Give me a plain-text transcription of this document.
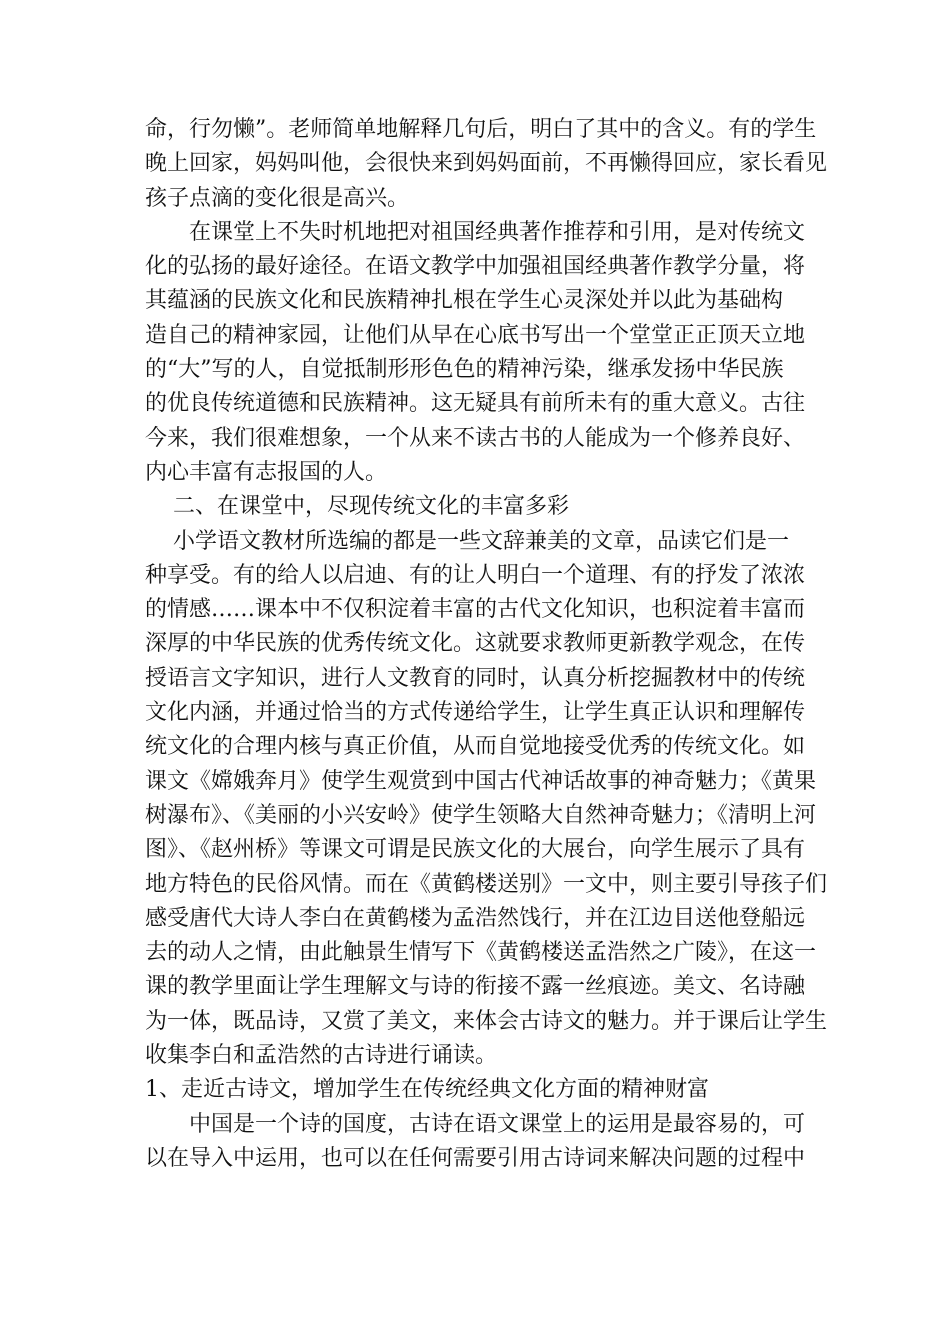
命，行勿懒”。老师简单地解释几句后，明白了其中的含义。有的学生
晚上回家，妈妈叫他，会很快来到妈妈面前，不再懒得回应，家长看见
孩子点滴的变化很是高兴。
在课堂上不失时机地把对祖国经典著作推荐和引用，是对传统文
化的弘扬的最好途径。在语文教学中加强祖国经典著作教学分量，将
其蕴涵的民族文化和民族精神扎根在学生心灵深处并以此为基础构
造自己的精神家园，让他们从早在心底书写出一个堂堂正正顶天立地
的“大”写的人，自觉抵制形形色色的精神污染，继承发扬中华民族
的优良传统道德和民族精神。这无疑具有前所未有的重大意义。古往
今来，我们很难想象，一个从来不读古书的人能成为一个修养良好、
内心丰富有志报国的人。
二、在课堂中，尽现传统文化的丰富多彩
小学语文教材所选编的都是一些文辞兼美的文章，品读它们是一
种享受。有的给人以启迪、有的让人明白一个道理、有的抒发了浓浓
的情感……课本中不仅积淀着丰富的古代文化知识，也积淀着丰富而
深厚的中华民族的优秀传统文化。这就要求教师更新教学观念，在传
授语言文字知识，进行人文教育的同时，认真分析挖掘教材中的传统
文化内涵，并通过恰当的方式传递给学生，让学生真正认识和理解传
统文化的合理内核与真正价值，从而自觉地接受优秀的传统文化。如
课文《嫦娥奔月》使学生观赏到中国古代神话故事的神奇魅力；《黄果
树瀑布》、《美丽的小兴安岭》使学生领略大自然神奇魅力；《清明上河
图》、《赵州桥》等课文可谓是民族文化的大展台，向学生展示了具有
地方特色的民俗风情。而在《黄鹤楼送别》一文中，则主要引导孩子们
感受唐代大诗人李白在黄鹤楼为孟浩然饯行，并在江边目送他登船远
去的动人之情，由此触景生情写下《黄鹤楼送孟浩然之广陵》，在这一
课的教学里面让学生理解文与诗的衔接不露一丝痕迹。美文、名诗融
为一体，既品诗，又赏了美文，来体会古诗文的魅力。并于课后让学生
收集李白和孟浩然的古诗进行诵读。
1、走近古诗文，增加学生在传统经典文化方面的精神财富
中国是一个诗的国度，古诗在语文课堂上的运用是最容易的，可
以在导入中运用，也可以在任何需要引用古诗词来解决问题的过程中
